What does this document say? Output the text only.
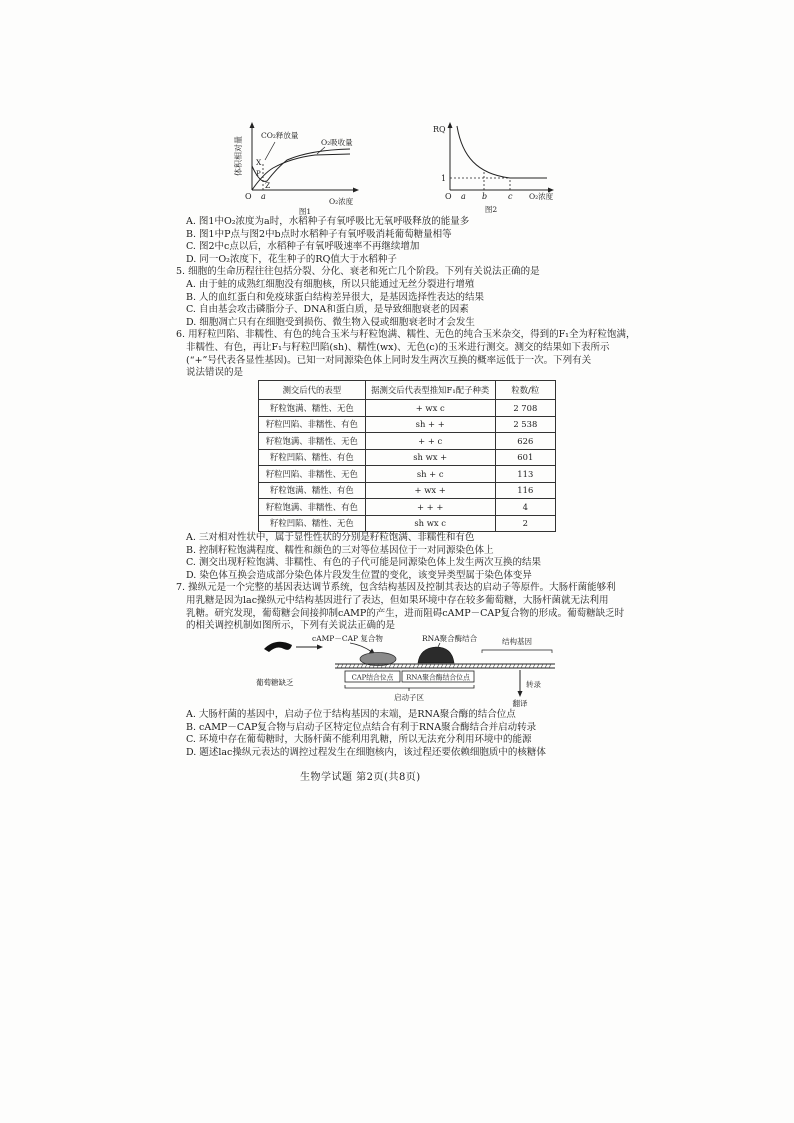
体积相对量
CO₂释放量
O₂吸收量
X
P
Z
O a
O₂浓度
图1
RQ
1
O a b	c O₂浓度
图2
A. 图1中O₂浓度为a时，水稻种子有氧呼吸比无氧呼吸释放的能量多
B. 图1中P点与图2中b点时水稻种子有氧呼吸消耗葡萄糖量相等
C. 图2中c点以后，水稻种子有氧呼吸速率不再继续增加
D. 同一O₂浓度下，花生种子的RQ值大于水稻种子
5. 细胞的生命历程往往包括分裂、分化、衰老和死亡几个阶段。下列有关说法正确的是
A. 由于蛙的成熟红细胞没有细胞核，所以只能通过无丝分裂进行增殖
B. 人的血红蛋白和免疫球蛋白结构差异很大，是基因选择性表达的结果
C. 自由基会攻击磷脂分子、DNA和蛋白质，是导致细胞衰老的因素
D. 细胞凋亡只有在细胞受到损伤、微生物入侵或细胞衰老时才会发生
6. 用籽粒凹陷、非糯性、有色的纯合玉米与籽粒饱满、糯性、无色的纯合玉米杂交，得到的F₁全为籽粒饱满，
非糯性、有色，再让F₁与籽粒凹陷(sh)、糯性(wx)、无色(c)的玉米进行测交。测交的结果如下表所示
(“+”号代表各显性基因)。已知一对同源染色体上同时发生两次互换的概率远低于一次。下列有关
说法错误的是
测交后代的表型	据测交后代表型推知F₁配子种类	粒数/粒
籽粒饱满、糯性、无色	+ wx c	2 708
籽粒凹陷、非糯性、有色	sh + +	2 538
籽粒饱满、非糯性、无色	+ + c	626
籽粒凹陷、糯性、有色	sh wx +	601
籽粒凹陷、非糯性、无色	sh + c	113
籽粒饱满、糯性、有色	+ wx +	116
籽粒饱满、非糯性、有色	+ + +	4
籽粒凹陷、糯性、无色	sh wx c	2
A. 三对相对性状中，属于显性性状的分别是籽粒饱满、非糯性和有色
B. 控制籽粒饱满程度、糯性和颜色的三对等位基因位于一对同源染色体上
C. 测交出现籽粒饱满、非糯性、有色的子代可能是同源染色体上发生两次互换的结果
D. 染色体互换会造成部分染色体片段发生位置的变化，该变异类型属于染色体变异
7. 操纵元是一个完整的基因表达调节系统，包含结构基因及控制其表达的启动子等原件。大肠杆菌能够利
用乳糖是因为lac操纵元中结构基因进行了表达，但如果环境中存在较多葡萄糖，大肠杆菌就无法利用
乳糖。研究发现，葡萄糖会间接抑制cAMP的产生，进而阻碍cAMP－CAP复合物的形成。葡萄糖缺乏时
的相关调控机制如图所示，下列有关说法正确的是
cAMP－CAP 复合物	RNA聚合酶结合	结构基因
葡萄糖缺乏
CAP结合位点 RNA聚合酶结合位点
启动子区
转录
翻译
A. 大肠杆菌的基因中，启动子位于结构基因的末端，是RNA聚合酶的结合位点
B. cAMP－CAP复合物与启动子区特定位点结合有利于RNA聚合酶结合并启动转录
C. 环境中存在葡萄糖时，大肠杆菌不能利用乳糖，所以无法充分利用环境中的能源
D. 题述lac操纵元表达的调控过程发生在细胞核内，该过程还要依赖细胞质中的核糖体
生物学试题 第2页(共8页)
